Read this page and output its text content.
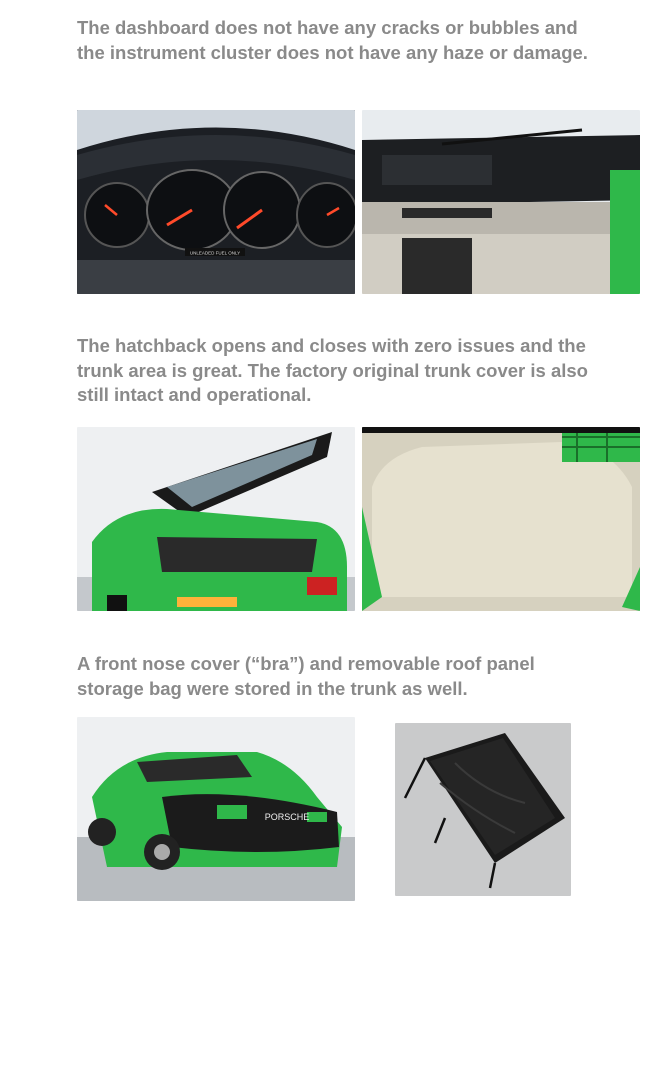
The dashboard does not have any cracks or bubbles and the instrument cluster does not have any haze or damage.

UNLEADED FUEL ONLY

The hatchback opens and closes with zero issues and the trunk area is great. The factory original trunk cover is also still intact and operational.

A front nose cover (“bra”) and removable roof panel storage bag were stored in the trunk as well.

PORSCHE
